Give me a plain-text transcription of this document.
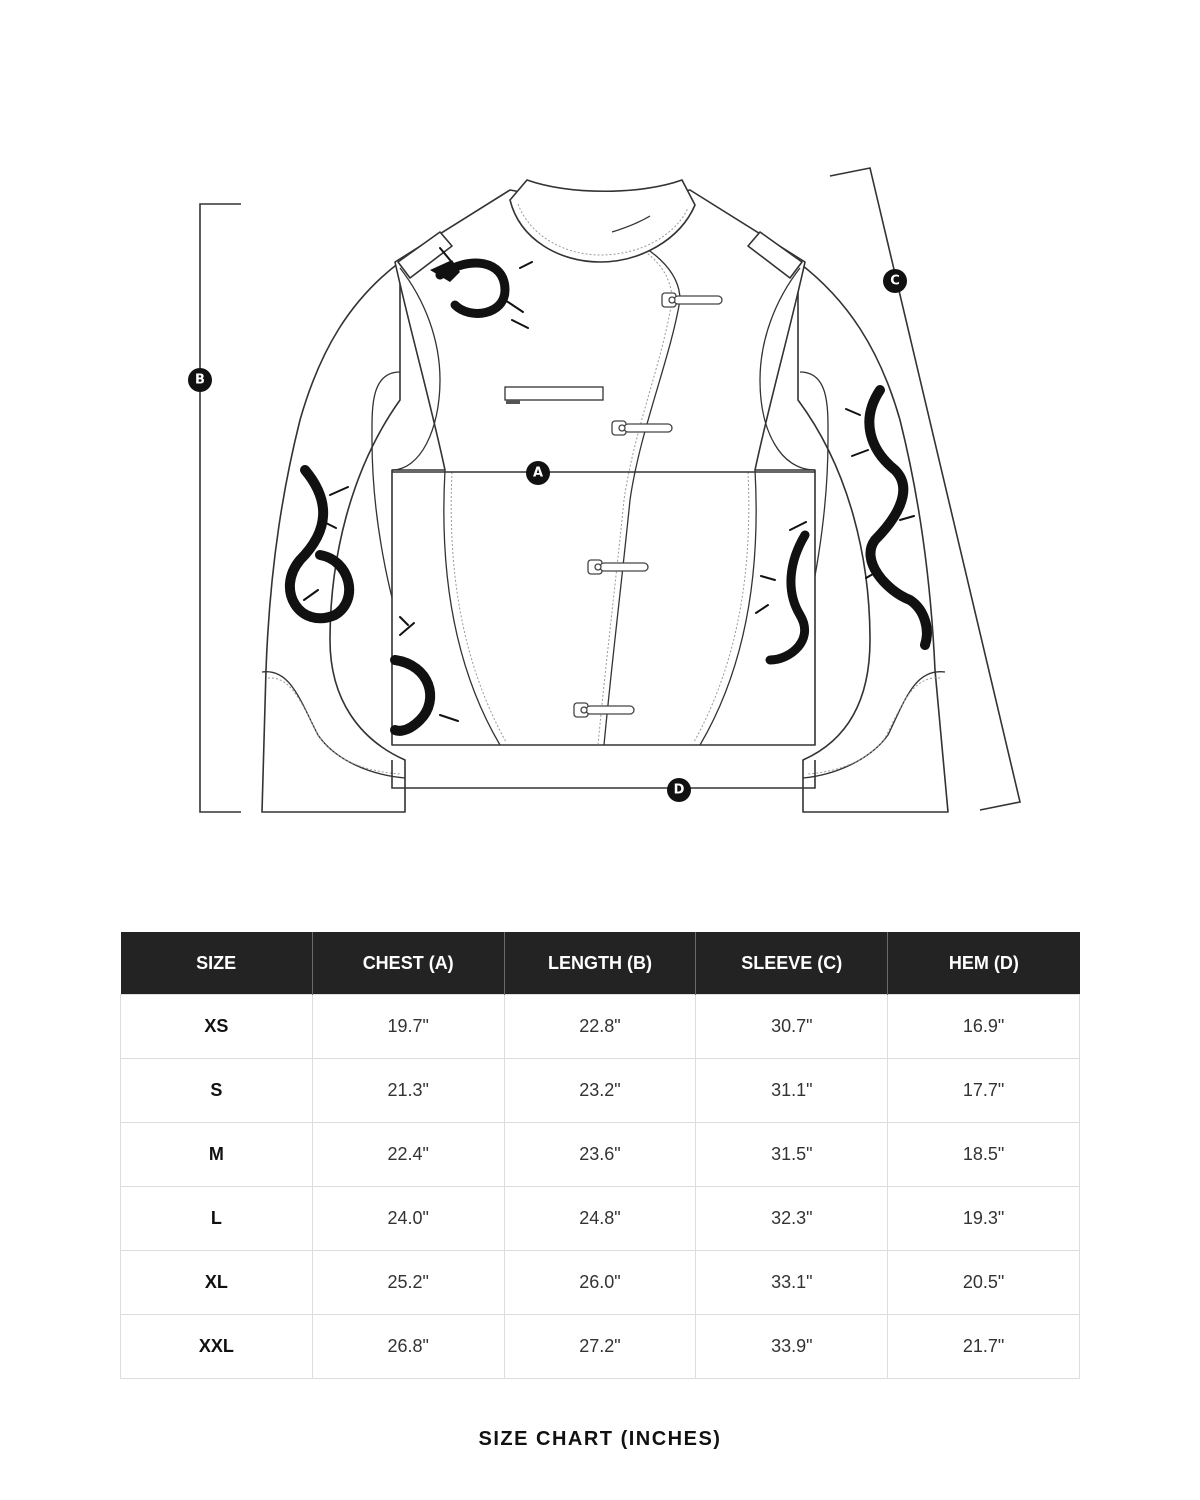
A
B
C
D
SIZE	CHEST (A)	LENGTH (B)	SLEEVE (C)	HEM (D)
XS	19.7"	22.8"	30.7"	16.9"
S	21.3"	23.2"	31.1"	17.7"
M	22.4"	23.6"	31.5"	18.5"
L	24.0"	24.8"	32.3"	19.3"
XL	25.2"	26.0"	33.1"	20.5"
XXL	26.8"	27.2"	33.9"	21.7"
SIZE CHART (INCHES)
